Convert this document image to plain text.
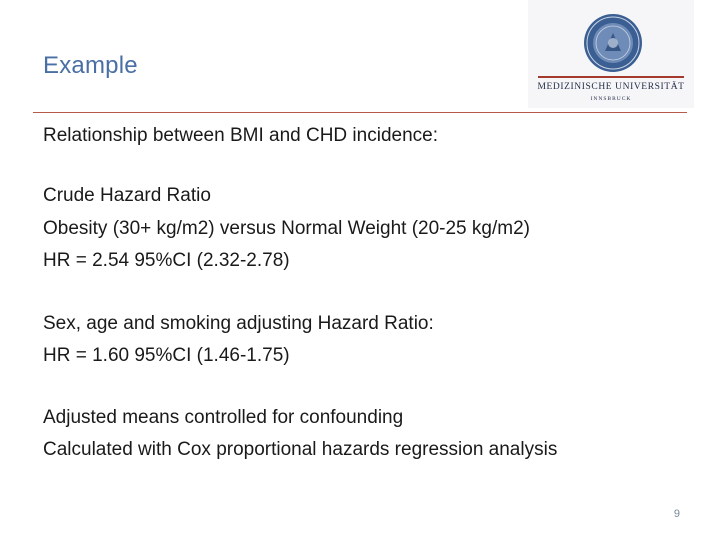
Example
MEDIZINISCHE UNIVERSITÄT
INNSBRUCK
Relationship between BMI and CHD incidence:
Crude Hazard Ratio
Obesity (30+ kg/m2) versus Normal Weight (20-25 kg/m2)
HR = 2.54 95%CI (2.32-2.78)
Sex, age and smoking adjusting Hazard Ratio:
HR = 1.60 95%CI (1.46-1.75)
Adjusted means controlled for confounding
Calculated with Cox proportional hazards regression analysis
9
